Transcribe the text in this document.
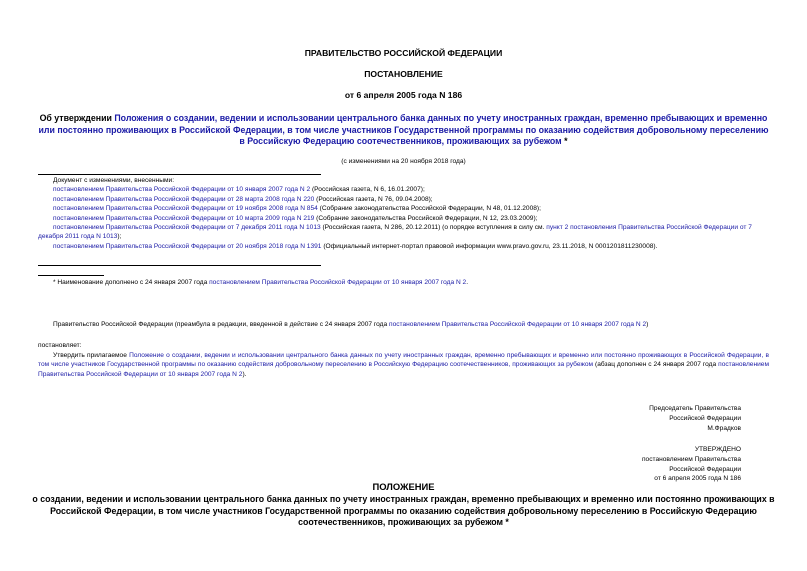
ПРАВИТЕЛЬСТВО РОССИЙСКОЙ ФЕДЕРАЦИИ
ПОСТАНОВЛЕНИЕ
от 6 апреля 2005 года N 186
Об утверждении Положения о создании, ведении и использовании центрального банка данных по учету иностранных граждан, временно пребывающих и временно или постоянно проживающих в Российской Федерации, в том числе участников Государственной программы по оказанию содействия добровольному переселению в Российскую Федерацию соотечественников, проживающих за рубежом *
(с изменениями на 20 ноября 2018 года)
Документ с изменениями, внесенными:
постановлением Правительства Российской Федерации от 10 января 2007 года N 2 (Российская газета, N 6, 16.01.2007);
постановлением Правительства Российской Федерации от 28 марта 2008 года N 220 (Российская газета, N 76, 09.04.2008);
постановлением Правительства Российской Федерации от 19 ноября 2008 года N 854 (Собрание законодательства Российской Федерации, N 48, 01.12.2008);
постановлением Правительства Российской Федерации от 10 марта 2009 года N 219 (Собрание законодательства Российской Федерации, N 12, 23.03.2009);
постановлением Правительства Российской Федерации от 7 декабря 2011 года N 1013 (Российская газета, N 286, 20.12.2011) (о порядке вступления в силу см. пункт 2 постановления Правительства Российской Федерации от 7 декабря 2011 года N 1013);
постановлением Правительства Российской Федерации от 20 ноября 2018 года N 1391 (Официальный интернет-портал правовой информации www.pravo.gov.ru, 23.11.2018, N 0001201811230008).
* Наименование дополнено с 24 января 2007 года постановлением Правительства Российской Федерации от 10 января 2007 года N 2.
Правительство Российской Федерации (преамбула в редакции, введенной в действие с 24 января 2007 года постановлением Правительства Российской Федерации от 10 января 2007 года N 2)
постановляет:
Утвердить прилагаемое Положение о создании, ведении и использовании центрального банка данных по учету иностранных граждан, временно пребывающих и временно или постоянно проживающих в Российской Федерации, в том числе участников Государственной программы по оказанию содействия добровольному переселению в Российскую Федерацию соотечественников, проживающих за рубежом (абзац дополнен с 24 января 2007 года постановлением Правительства Российской Федерации от 10 января 2007 года N 2).
Председатель Правительства
Российской Федерации
М.Фрадков
УТВЕРЖДЕНО
постановлением Правительства
Российской Федерации
от 6 апреля 2005 года N 186
ПОЛОЖЕНИЕ
о создании, ведении и использовании центрального банка данных по учету иностранных граждан, временно пребывающих и временно или постоянно проживающих в Российской Федерации, в том числе участников Государственной программы по оказанию содействия добровольному переселению в Российскую Федерацию соотечественников, проживающих за рубежом *
